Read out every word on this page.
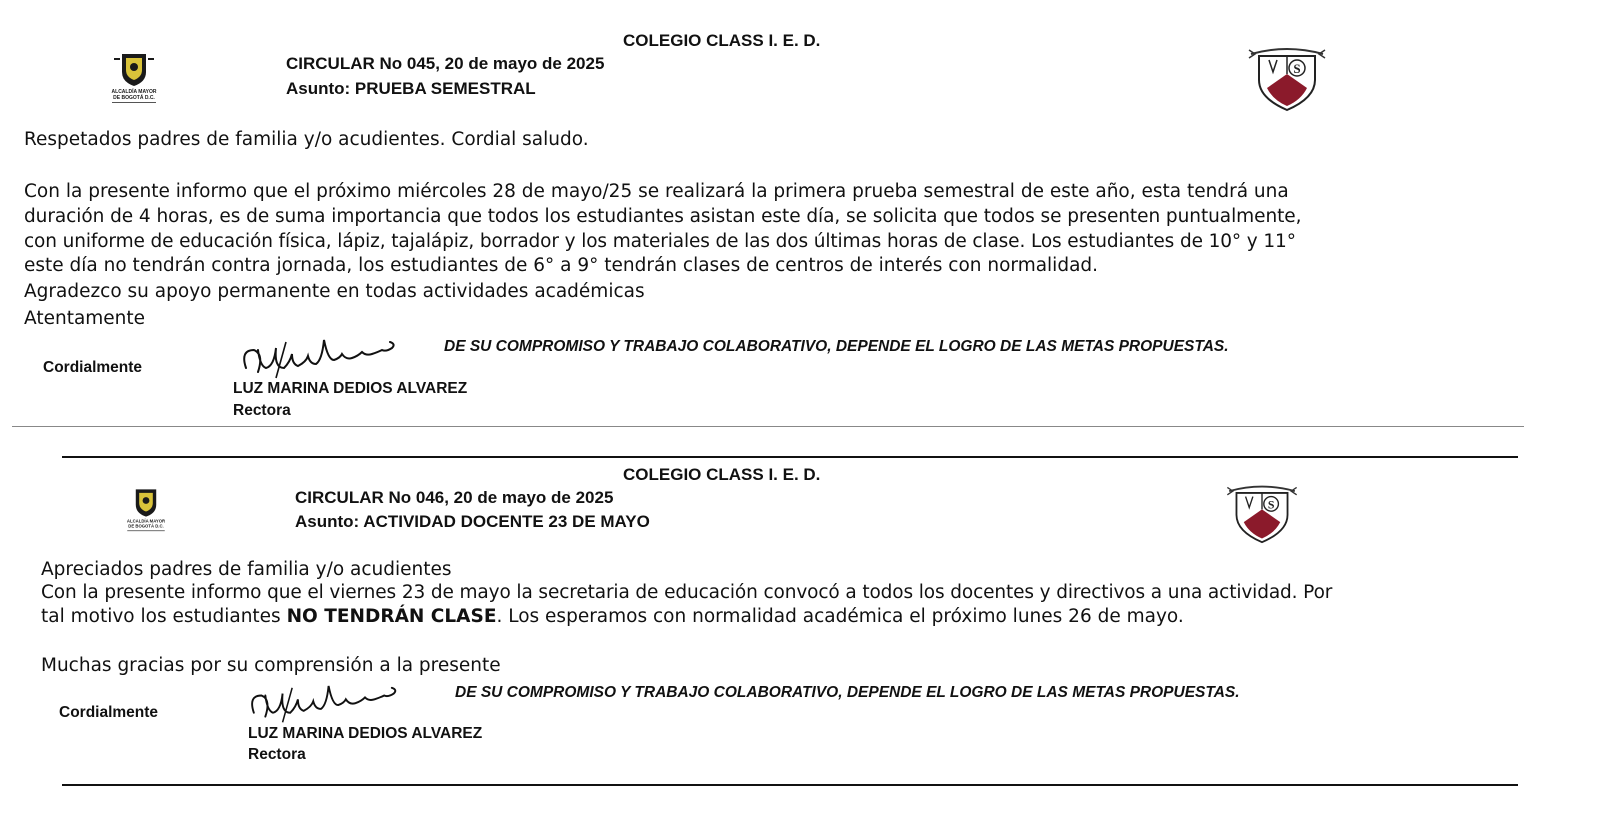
ALCALDÍA MAYOR
DE BOGOTÁ D.C.
COLEGIO CLASS I. E. D.
CIRCULAR No 045, 20 de mayo de 2025
Asunto: PRUEBA SEMESTRAL
S
Respetados padres de familia y/o acudientes. Cordial saludo.
Con la presente informo que el próximo miércoles 28 de mayo/25 se realizará la primera prueba semestral de este año, esta tendrá una
duración de 4 horas, es de suma importancia que todos los estudiantes asistan este día, se solicita que todos se presenten puntualmente,
con uniforme de educación física, lápiz, tajalápiz, borrador y los materiales de las dos últimas horas de clase. Los estudiantes de 10° y 11°
este día no tendrán contra jornada, los estudiantes de 6° a 9° tendrán clases de centros de interés con normalidad.
Agradezco su apoyo permanente en todas actividades académicas
Atentamente
Cordialmente
DE SU COMPROMISO Y TRABAJO COLABORATIVO, DEPENDE EL LOGRO DE LAS METAS PROPUESTAS.
LUZ MARINA DEDIOS ALVAREZ
Rectora
ALCALDÍA MAYOR
DE BOGOTÁ D.C.
COLEGIO CLASS I. E. D.
CIRCULAR No 046, 20 de mayo de 2025
Asunto: ACTIVIDAD DOCENTE 23 DE MAYO
S
Apreciados padres de familia y/o acudientes
Con la presente informo que el viernes 23 de mayo la secretaria de educación convocó a todos los docentes y directivos a una actividad. Por
tal motivo los estudiantes NO TENDRÁN CLASE. Los esperamos con normalidad académica el próximo lunes 26 de mayo.
Muchas gracias por su comprensión a la presente
Cordialmente
DE SU COMPROMISO Y TRABAJO COLABORATIVO, DEPENDE EL LOGRO DE LAS METAS PROPUESTAS.
LUZ MARINA DEDIOS ALVAREZ
Rectora
